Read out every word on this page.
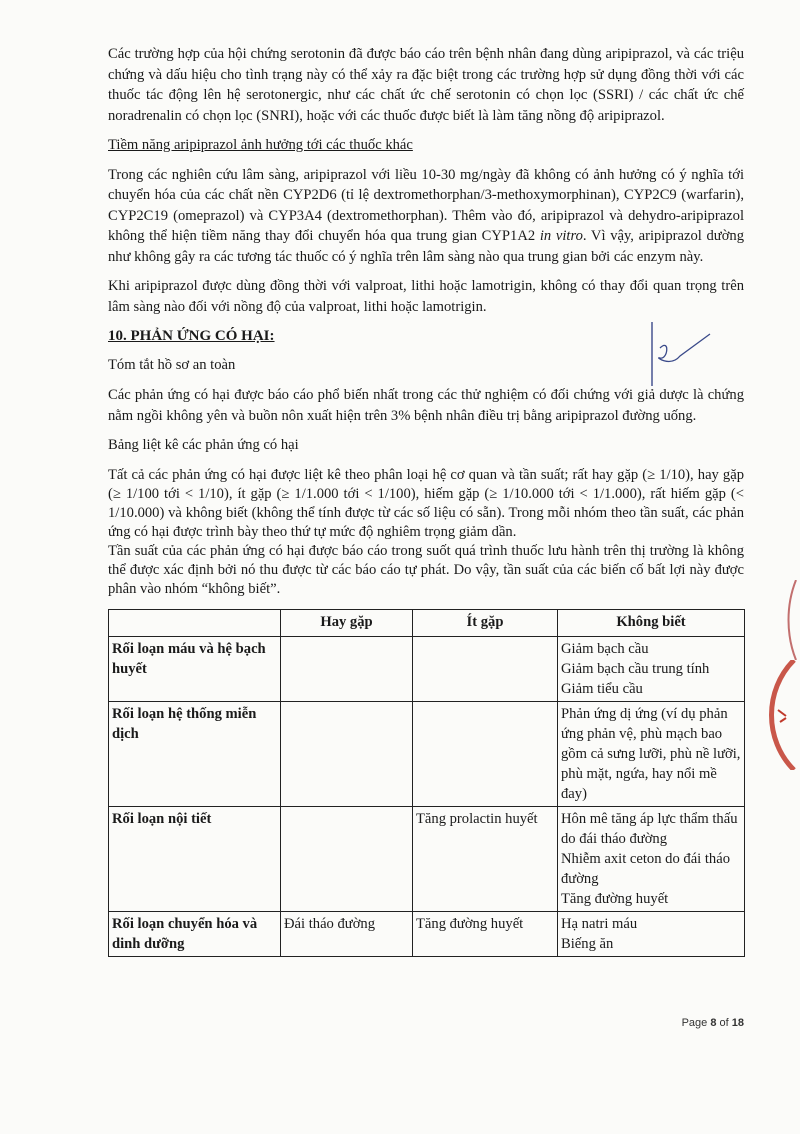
Các trường hợp của hội chứng serotonin đã được báo cáo trên bệnh nhân đang dùng aripiprazol, và các triệu chứng và dấu hiệu cho tình trạng này có thể xảy ra đặc biệt trong các trường hợp sử dụng đồng thời với các thuốc tác động lên hệ serotonergic, như các chất ức chế serotonin có chọn lọc (SSRI) / các chất ức chế noradrenalin có chọn lọc (SNRI), hoặc với các thuốc được biết là làm tăng nồng độ aripiprazol.

Tiềm năng aripiprazol ảnh hưởng tới các thuốc khác

Trong các nghiên cứu lâm sàng, aripiprazol với liều 10-30 mg/ngày đã không có ảnh hưởng có ý nghĩa tới chuyển hóa của các chất nền CYP2D6 (tỉ lệ dextromethorphan/3-methoxymorphinan), CYP2C9 (warfarin), CYP2C19 (omeprazol) và CYP3A4 (dextromethorphan). Thêm vào đó, aripiprazol và dehydro-aripiprazol không thể hiện tiềm năng thay đổi chuyển hóa qua trung gian CYP1A2 in vitro. Vì vậy, aripiprazol dường như không gây ra các tương tác thuốc có ý nghĩa trên lâm sàng nào qua trung gian bởi các enzym này.

Khi aripiprazol được dùng đồng thời với valproat, lithi hoặc lamotrigin, không có thay đổi quan trọng trên lâm sàng nào đối với nồng độ của valproat, lithi hoặc lamotrigin.

10. PHẢN ỨNG CÓ HẠI:

Tóm tắt hồ sơ an toàn

Các phản ứng có hại được báo cáo phổ biến nhất trong các thử nghiệm có đối chứng với giả dược là chứng nằm ngồi không yên và buồn nôn xuất hiện trên 3% bệnh nhân điều trị bằng aripiprazol đường uống.

Bảng liệt kê các phản ứng có hại

Tất cả các phản ứng có hại được liệt kê theo phân loại hệ cơ quan và tần suất; rất hay gặp (≥ 1/10), hay gặp (≥ 1/100 tới < 1/10), ít gặp (≥ 1/1.000 tới < 1/100), hiếm gặp (≥ 1/10.000 tới < 1/1.000), rất hiếm gặp (< 1/10.000) và không biết (không thể tính được từ các số liệu có sẵn). Trong mỗi nhóm theo tần suất, các phản ứng có hại được trình bày theo thứ tự mức độ nghiêm trọng giảm dần.

Tần suất của các phản ứng có hại được báo cáo trong suốt quá trình thuốc lưu hành trên thị trường là không thể được xác định bởi nó thu được từ các báo cáo tự phát. Do vậy, tần suất của các biến cố bất lợi này được phân vào nhóm “không biết”.

	Hay gặp	Ít gặp	Không biết
Rối loạn máu và hệ bạch huyết			Giảm bạch cầu
Giảm bạch cầu trung tính
Giảm tiểu cầu

Rối loạn hệ thống miễn dịch			Phản ứng dị ứng (ví dụ phản ứng phản vệ, phù mạch bao gồm cả sưng lưỡi, phù nề lưỡi, phù mặt, ngứa, hay nổi mề đay)

Rối loạn nội tiết		Tăng prolactin huyết	Hôn mê tăng áp lực thẩm thấu do đái tháo đường
Nhiễm axit ceton do đái tháo đường
Tăng đường huyết

Rối loạn chuyển hóa và dinh dưỡng	Đái tháo đường	Tăng đường huyết	Hạ natri máu
Biếng ăn
Page 8 of 18
